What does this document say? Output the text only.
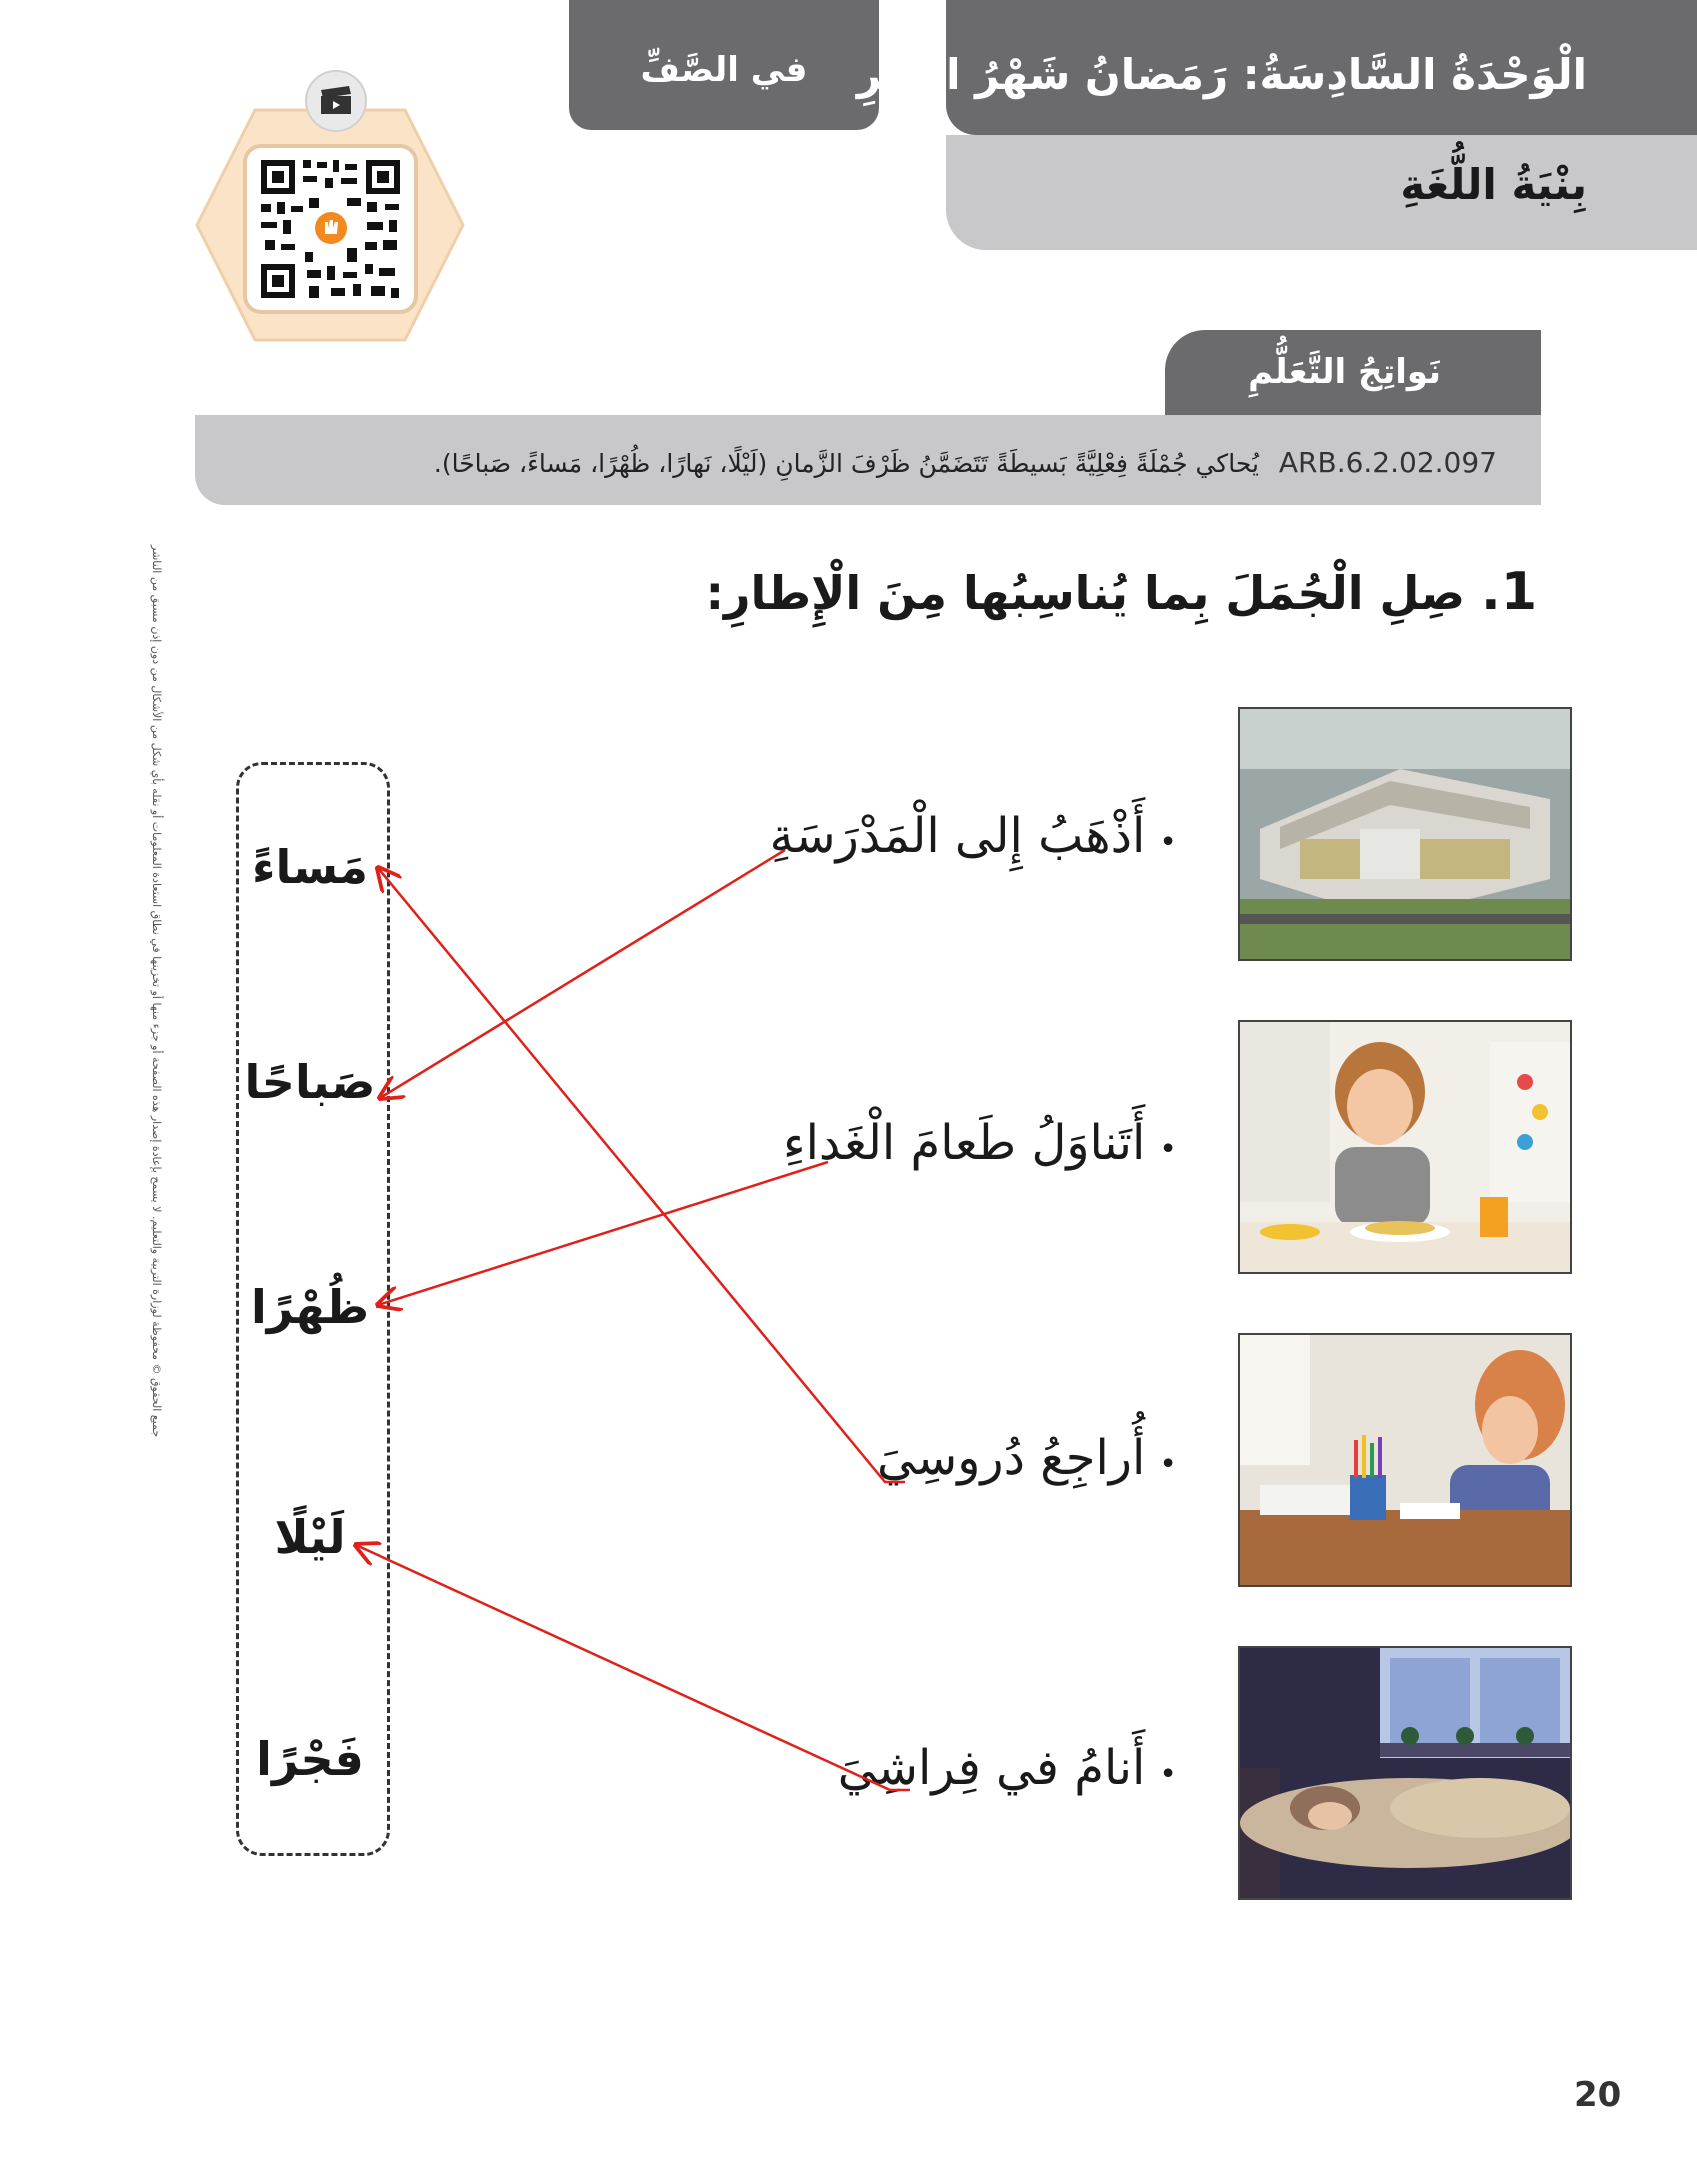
في الصَّفِّ الْوَحْدَةُ السَّادِسَةُ: رَمَضانُ شَهْرُ الْخَيْرِ
بِنْيَةُ اللُّغَةِ
نَواتِجُ التَّعَلُّمِ
ARB.6.2.02.097 يُحاكي جُمْلَةً فِعْلِيَّةً بَسيطَةً تَتَضَمَّنُ ظَرْفَ الزَّمانِ (لَيْلًا، نَهارًا، ظُهْرًا، مَساءً، صَباحًا).
جميع الحقوق © محفوظة لوزارة التربية والتعليم. لا يسمح بإعادة إصدار هذه الصفحة أو جزء منها أو تخزينها في نطاق استعادة المعلومات أو نقله بأي شكل من الأشكال من دون إذن مسبق من الناشر	1. صِلِ الْجُمَلَ بِما يُناسِبُها مِنَ الْإِطارِ:
•أَذْهَبُ إِلى الْمَدْرَسَةِ
•أَتَناوَلُ طَعامَ الْغَداءِ
•أُراجِعُ دُروسِيَ
•أَنامُ في فِراشِيَ
مَساءً
صَباحًا
ظُهْرًا
لَيْلًا
فَجْرًا
20
